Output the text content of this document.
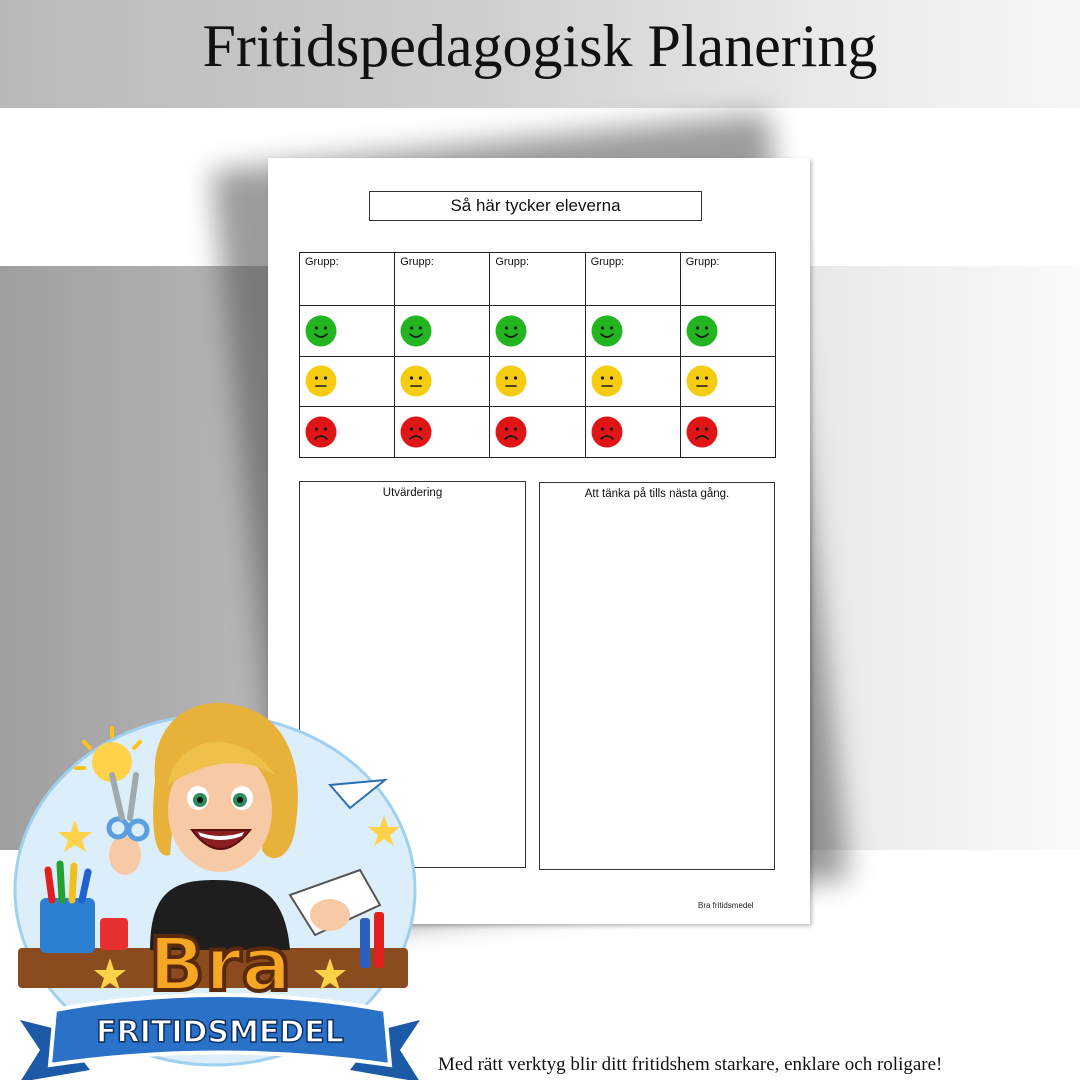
Fritidspedagogisk Planering
Så här tycker eleverna
Grupp:	Grupp:	Grupp:	Grupp:	Grupp:

Utvärdering	Att tänka på tills nästa gång.
Bra fritidsmedel
Bra
FRITIDSMEDEL
Med rätt verktyg blir ditt fritidshem starkare, enklare och roligare!
